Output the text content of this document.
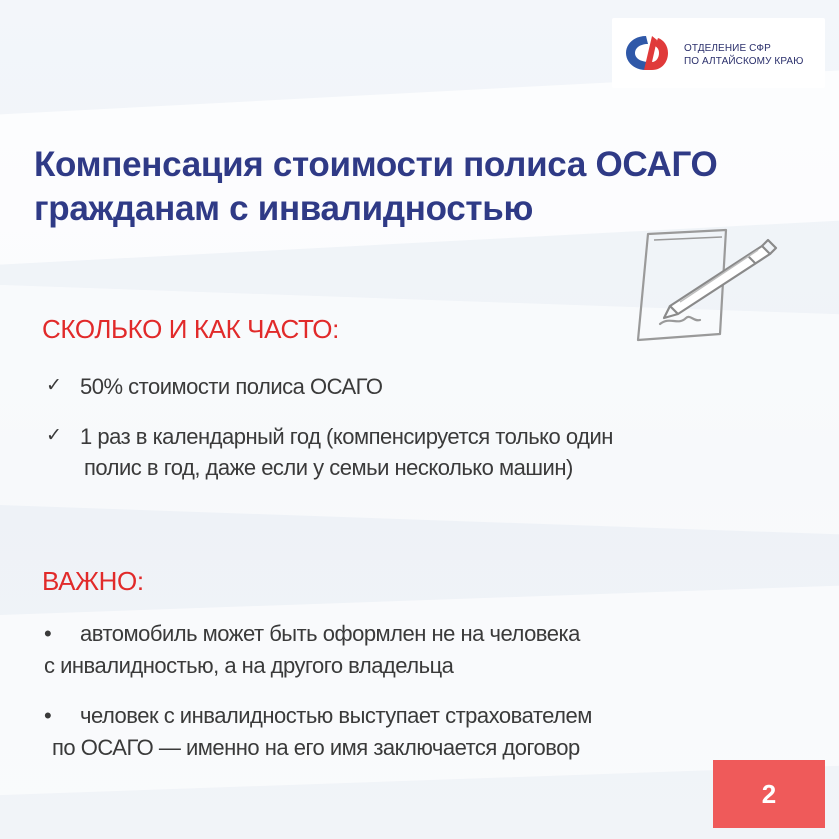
ОТДЕЛЕНИЕ СФР
ПО АЛТАЙСКОМУ КРАЮ
Компенсация стоимости полиса ОСАГО
гражданам с инвалидностью
СКОЛЬКО И КАК ЧАСТО:
✓ 50% стоимости полиса ОСАГО
✓ 1 раз в календарный год (компенсируется только один
полис в год, даже если у семьи несколько машин)
ВАЖНО:
• автомобиль может быть оформлен не на человека
с инвалидностью, а на другого владельца
• человек с инвалидностью выступает страхователем
по ОСАГО — именно на его имя заключается договор
2
